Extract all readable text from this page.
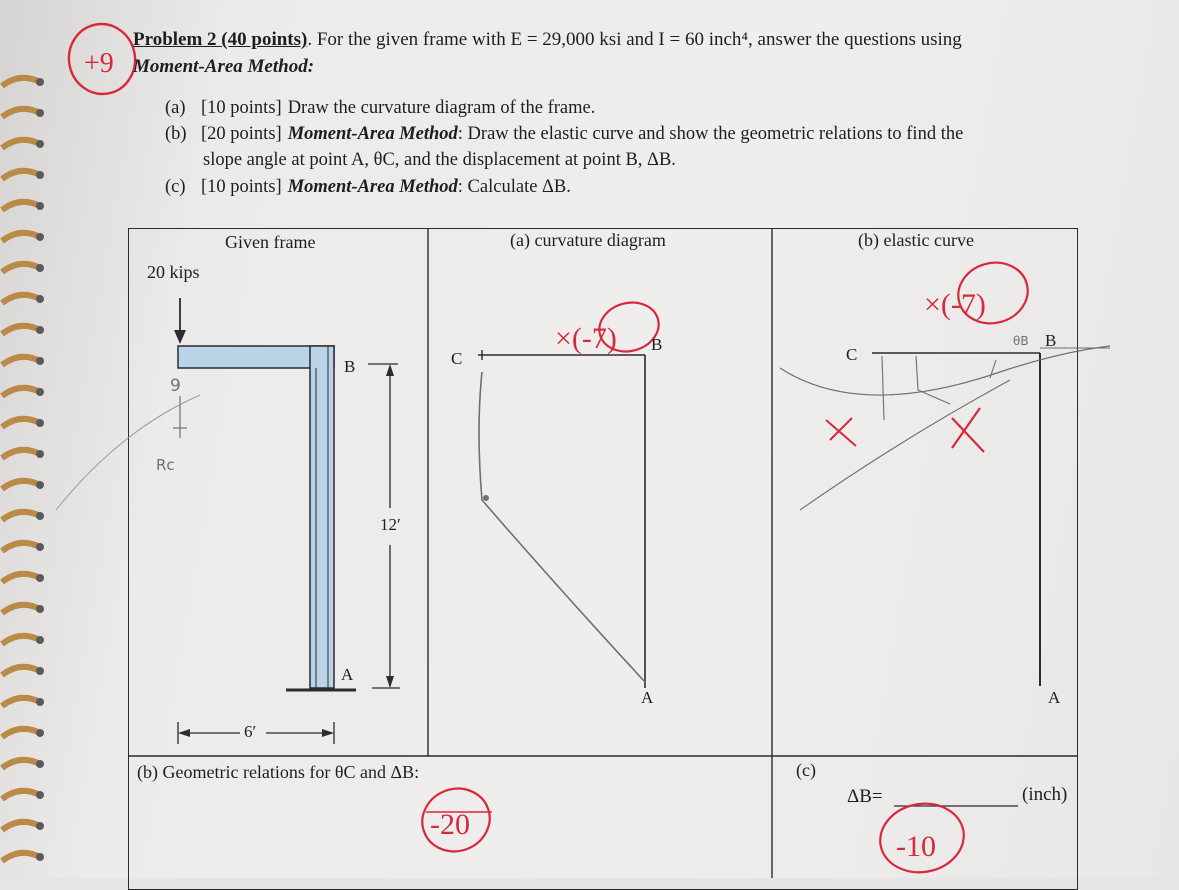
+9
Problem 2 (40 points). For the given frame with E = 29,000 ksi and I = 60 inch⁴, answer the questions using
Moment-Area Method:
(a) [10 points] Draw the curvature diagram of the frame.
(b) [20 points] Moment-Area Method: Draw the elastic curve and show the geometric relations to find the
slope angle at point A, θC, and the displacement at point B, ΔB.
(c) [10 points] Moment-Area Method: Calculate ΔB.
×(-7)
×(-7)
-20
-10
Given frame
20 kips
B
A
12′
6′
9
Rc
(a) curvature diagram
C
B
A
(b) elastic curve
C
θB B
A
(b) Geometric relations for θC and ΔB:	(c)
ΔB=	(inch)
